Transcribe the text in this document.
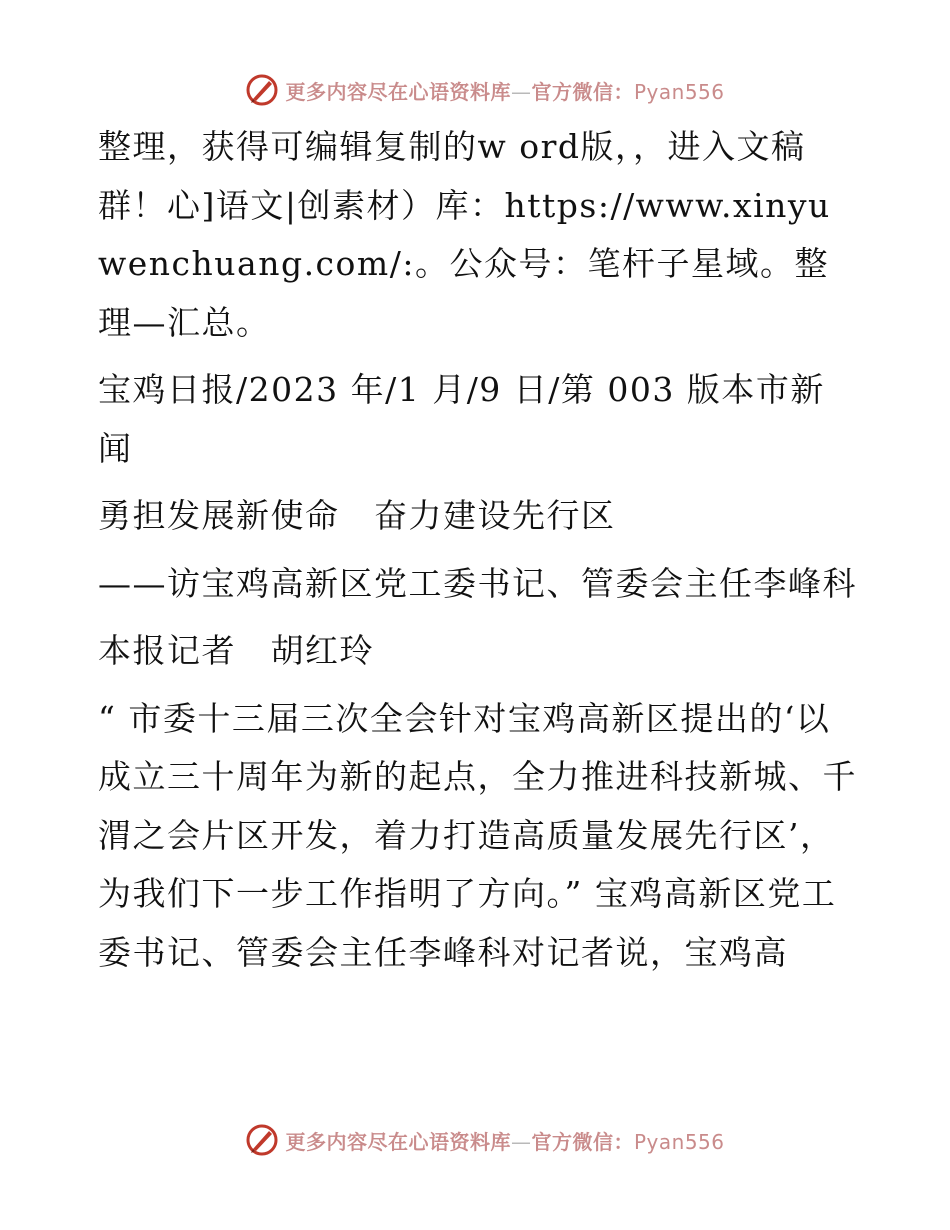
更多内容尽在心语资料库—官方微信：Pyan556

整理，获得可编辑复制的w ord版，，进入文稿群！心]语文|创素材）库：https://www.xinyuwenchuang.com/:。公众号：笔杆子星域。整理—汇总。

宝鸡日报/2023 年/1 月/9 日/第 003 版本市新闻

勇担发展新使命　奋力建设先行区

——访宝鸡高新区党工委书记、管委会主任李峰科

本报记者　胡红玲

“ 市委十三届三次全会针对宝鸡高新区提出的‘以成立三十周年为新的起点，全力推进科技新城、千渭之会片区开发，着力打造高质量发展先行区’，为我们下一步工作指明了方向。” 宝鸡高新区党工委书记、管委会主任李峰科对记者说，宝鸡高

更多内容尽在心语资料库—官方微信：Pyan556
